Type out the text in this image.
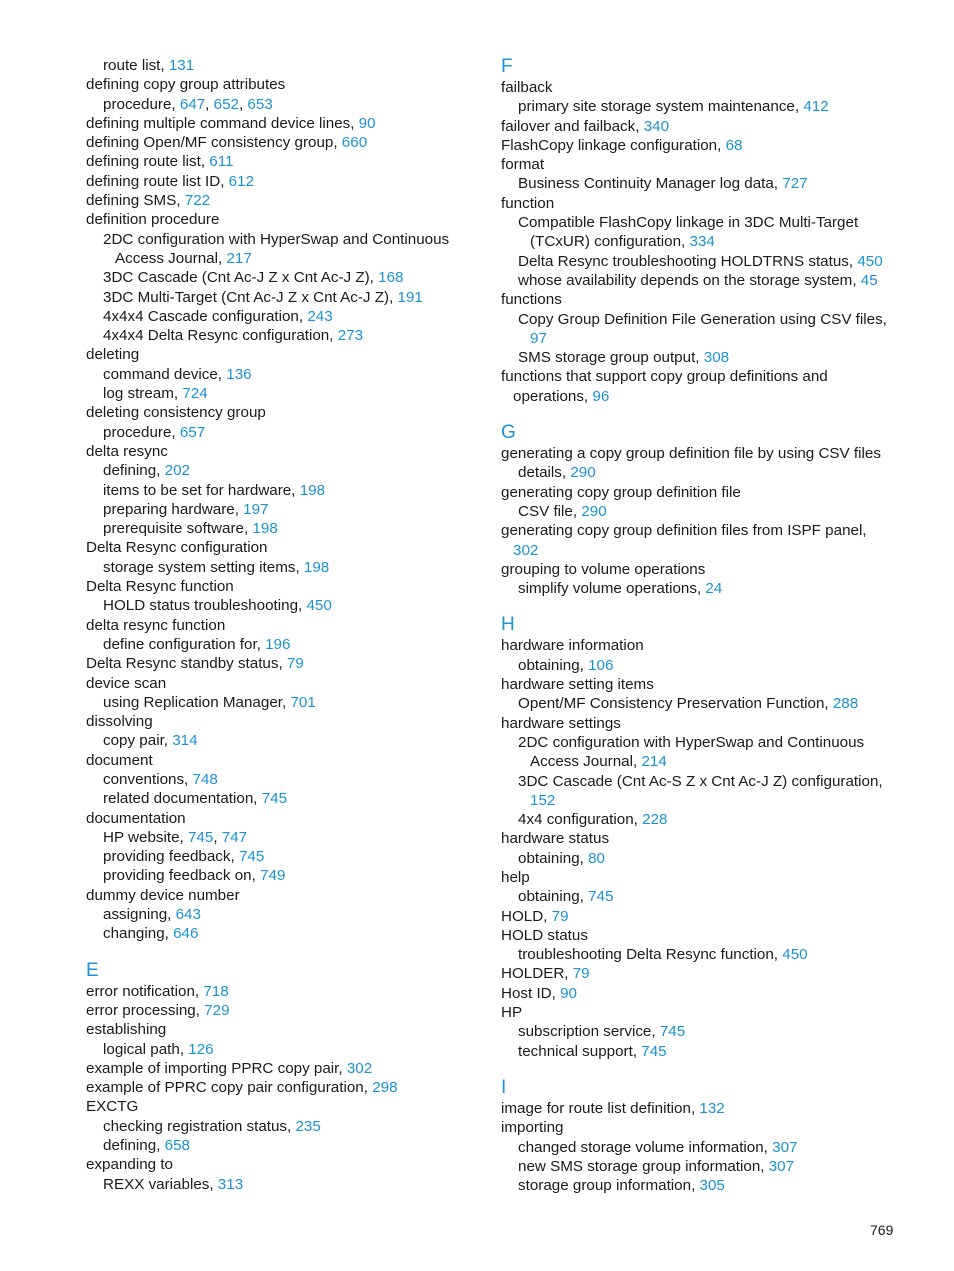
route list, 131
defining copy group attributes
procedure, 647, 652, 653
defining multiple command device lines, 90
defining Open/MF consistency group, 660
defining route list, 611
defining route list ID, 612
defining SMS, 722
definition procedure
2DC configuration with HyperSwap and Continuous
Access Journal, 217
3DC Cascade (Cnt Ac-J Z x Cnt Ac-J Z), 168
3DC Multi-Target (Cnt Ac-J Z x Cnt Ac-J Z), 191
4x4x4 Cascade configuration, 243
4x4x4 Delta Resync configuration, 273
deleting
command device, 136
log stream, 724
deleting consistency group
procedure, 657
delta resync
defining, 202
items to be set for hardware, 198
preparing hardware, 197
prerequisite software, 198
Delta Resync configuration
storage system setting items, 198
Delta Resync function
HOLD status troubleshooting, 450
delta resync function
define configuration for, 196
Delta Resync standby status, 79
device scan
using Replication Manager, 701
dissolving
copy pair, 314
document
conventions, 748
related documentation, 745
documentation
HP website, 745, 747
providing feedback, 745
providing feedback on, 749
dummy device number
assigning, 643
changing, 646
E
error notification, 718
error processing, 729
establishing
logical path, 126
example of importing PPRC copy pair, 302
example of PPRC copy pair configuration, 298
EXCTG
checking registration status, 235
defining, 658
expanding to
REXX variables, 313
F
failback
primary site storage system maintenance, 412
failover and failback, 340
FlashCopy linkage configuration, 68
format
Business Continuity Manager log data, 727
function
Compatible FlashCopy linkage in 3DC Multi-Target
(TCxUR) configuration, 334
Delta Resync troubleshooting HOLDTRNS status, 450
whose availability depends on the storage system, 45
functions
Copy Group Definition File Generation using CSV files,
97
SMS storage group output, 308
functions that support copy group definitions and
operations, 96
G
generating a copy group definition file by using CSV files
details, 290
generating copy group definition file
CSV file, 290
generating copy group definition files from ISPF panel,
302
grouping to volume operations
simplify volume operations, 24
H
hardware information
obtaining, 106
hardware setting items
Opent/MF Consistency Preservation Function, 288
hardware settings
2DC configuration with HyperSwap and Continuous
Access Journal, 214
3DC Cascade (Cnt Ac-S Z x Cnt Ac-J Z) configuration,
152
4x4 configuration, 228
hardware status
obtaining, 80
help
obtaining, 745
HOLD, 79
HOLD status
troubleshooting Delta Resync function, 450
HOLDER, 79
Host ID, 90
HP
subscription service, 745
technical support, 745
I
image for route list definition, 132
importing
changed storage volume information, 307
new SMS storage group information, 307
storage group information, 305
769
